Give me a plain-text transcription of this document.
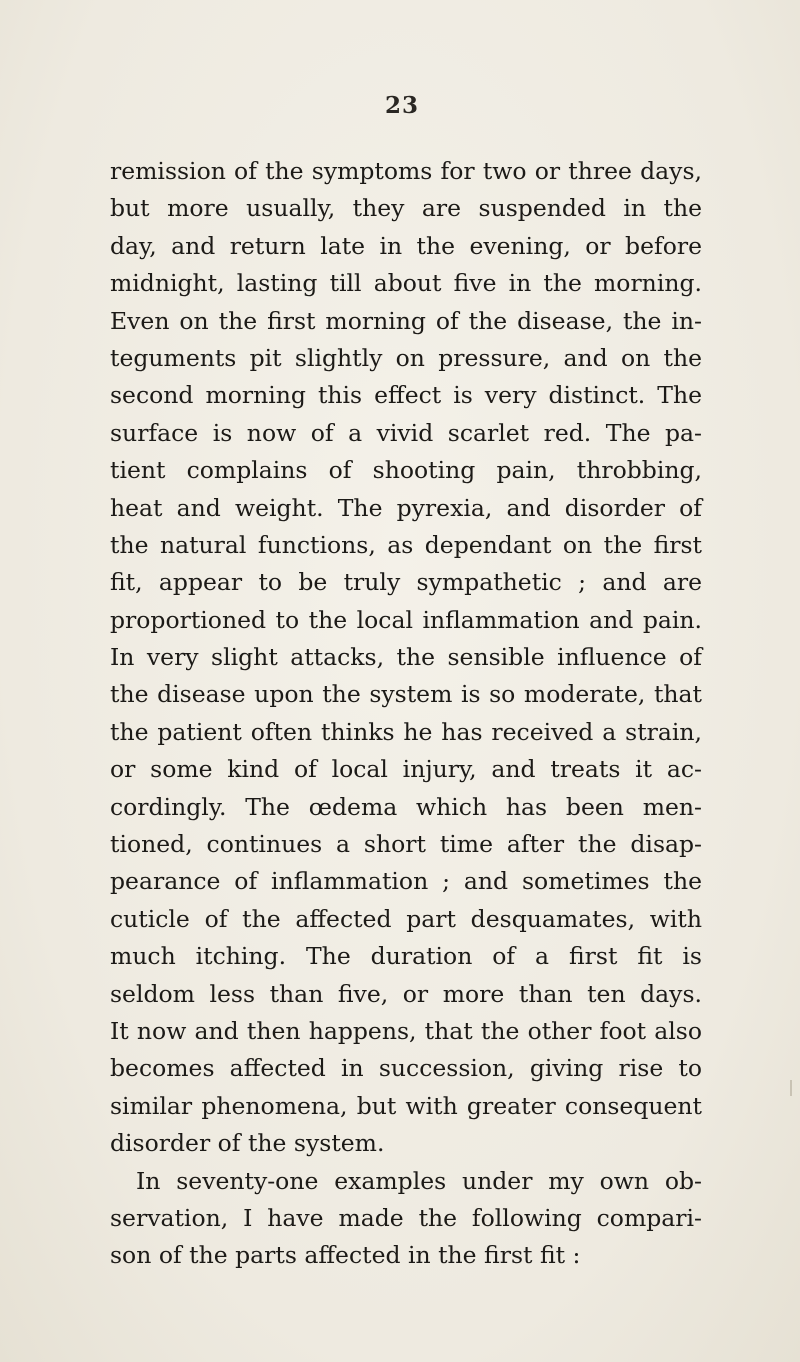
23
remission of the symptoms for two or three days,
but more usually, they are suspended in the
day, and return late in the evening, or before
midnight, lasting till about five in the morning.
Even on the first morning of the disease, the in-
teguments pit slightly on pressure, and on the
second morning this effect is very distinct. The
surface is now of a vivid scarlet red. The pa-
tient complains of shooting pain, throbbing,
heat and weight. The pyrexia, and disorder of
the natural functions, as dependant on the first
fit, appear to be truly sympathetic ; and are
proportioned to the local inflammation and pain.
In very slight attacks, the sensible influence of
the disease upon the system is so moderate, that
the patient often thinks he has received a strain,
or some kind of local injury, and treats it ac-
cordingly. The œdema which has been men-
tioned, continues a short time after the disap-
pearance of inflammation ; and sometimes the
cuticle of the affected part desquamates, with
much itching. The duration of a first fit is
seldom less than five, or more than ten days.
It now and then happens, that the other foot also
becomes affected in succession, giving rise to
similar phenomena, but with greater consequent
disorder of the system.
In seventy-one examples under my own ob-
servation, I have made the following compari-
son of the parts affected in the first fit :
